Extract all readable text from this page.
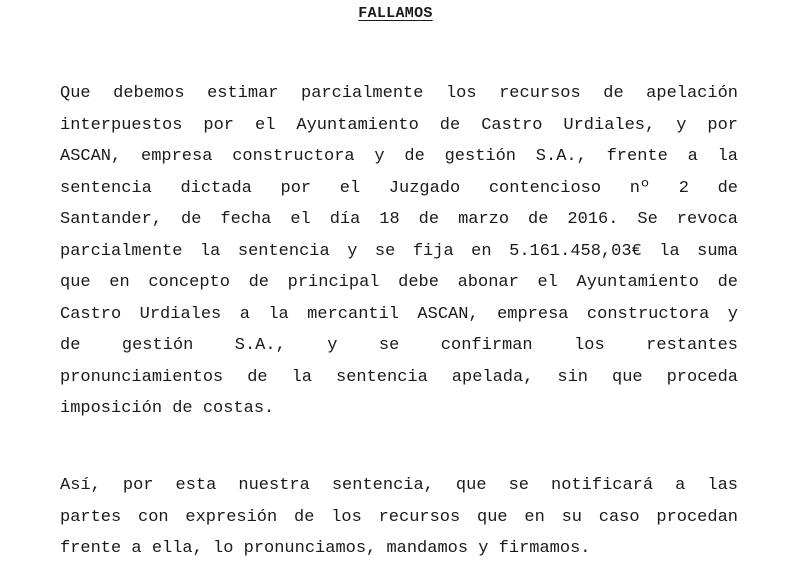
FALLAMOS
Que debemos estimar parcialmente los recursos de apelación
interpuestos por el Ayuntamiento de Castro Urdiales, y por
ASCAN, empresa constructora y de gestión S.A., frente a la
sentencia dictada por el Juzgado contencioso nº 2 de
Santander, de fecha el día 18 de marzo de 2016. Se revoca
parcialmente la sentencia y se fija en 5.161.458,03€ la suma
que en concepto de principal debe abonar el Ayuntamiento de
Castro Urdiales a la mercantil ASCAN, empresa constructora y
de gestión S.A., y se confirman los restantes
pronunciamientos de la sentencia apelada, sin que proceda
imposición de costas.
Así, por esta nuestra sentencia, que se notificará a las
partes con expresión de los recursos que en su caso procedan
frente a ella, lo pronunciamos, mandamos y firmamos.
